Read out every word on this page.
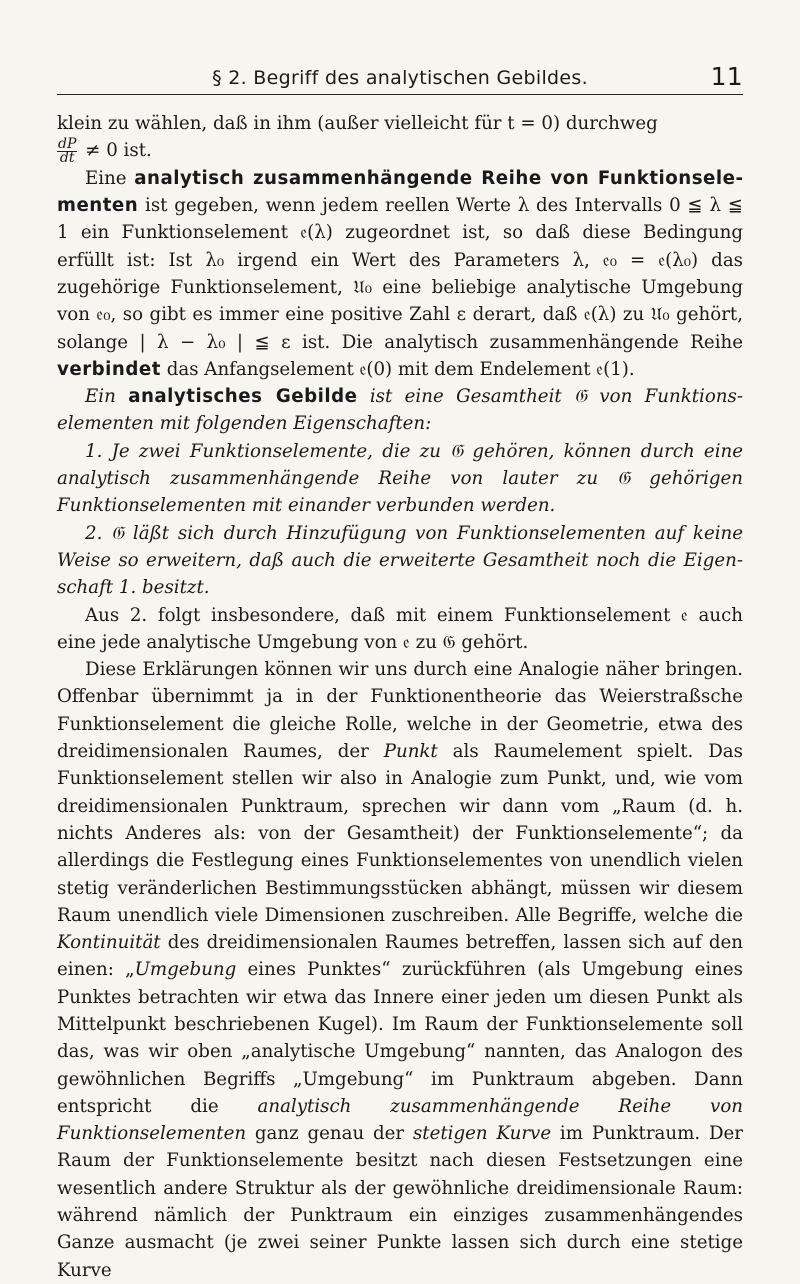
§ 2. Begriff des analytischen Gebildes.	11

klein zu wählen, daß in ihm (außer vielleicht für t = 0) durchweg

$\frac{dP}{dt} \ne 0$ ist.

Eine analytisch zusammenhängende Reihe von Funktionselementen ist gegeben, wenn jedem reellen Werte λ des Intervalls 0 ≦ λ ≦ 1 ein Funktionselement 𝔢(λ) zugeordnet ist, so daß diese Bedingung erfüllt ist: Ist λ₀ irgend ein Wert des Parameters λ, 𝔢₀ = 𝔢(λ₀) das zugehörige Funktionselement, 𝔘₀ eine beliebige analytische Umgebung von 𝔢₀, so gibt es immer eine positive Zahl ε derart, daß 𝔢(λ) zu 𝔘₀ gehört, solange | λ − λ₀ | ≦ ε ist. Die analytisch zusammenhängende Reihe verbindet das Anfangselement 𝔢(0) mit dem Endelement 𝔢(1).

Ein analytisches Gebilde ist eine Gesamtheit 𝔊 von Funktionselementen mit folgenden Eigenschaften:

1. Je zwei Funktionselemente, die zu 𝔊 gehören, können durch eine analytisch zusammenhängende Reihe von lauter zu 𝔊 gehörigen Funktionselementen mit einander verbunden werden.

2. 𝔊 läßt sich durch Hinzufügung von Funktionselementen auf keine Weise so erweitern, daß auch die erweiterte Gesamtheit noch die Eigenschaft 1. besitzt.

Aus 2. folgt insbesondere, daß mit einem Funktionselement 𝔢 auch eine jede analytische Umgebung von 𝔢 zu 𝔊 gehört.

Diese Erklärungen können wir uns durch eine Analogie näher bringen. Offenbar übernimmt ja in der Funktionentheorie das Weierstraßsche Funktionselement die gleiche Rolle, welche in der Geometrie, etwa des dreidimensionalen Raumes, der Punkt als Raumelement spielt. Das Funktionselement stellen wir also in Analogie zum Punkt, und, wie vom dreidimensionalen Punktraum, sprechen wir dann vom „Raum (d. h. nichts Anderes als: von der Gesamtheit) der Funktionselemente“; da allerdings die Festlegung eines Funktionselementes von unendlich vielen stetig veränderlichen Bestimmungsstücken abhängt, müssen wir diesem Raum unendlich viele Dimensionen zuschreiben. Alle Begriffe, welche die Kontinuität des dreidimensionalen Raumes betreffen, lassen sich auf den einen: „Umgebung eines Punktes“ zurückführen (als Umgebung eines Punktes betrachten wir etwa das Innere einer jeden um diesen Punkt als Mittelpunkt beschriebenen Kugel). Im Raum der Funktionselemente soll das, was wir oben „analytische Umgebung“ nannten, das Analogon des gewöhnlichen Begriffs „Umgebung“ im Punktraum abgeben. Dann entspricht die analytisch zusammenhängende Reihe von Funktionselementen ganz genau der stetigen Kurve im Punktraum. Der Raum der Funktionselemente besitzt nach diesen Festsetzungen eine wesentlich andere Struktur als der gewöhnliche dreidimensionale Raum: während nämlich der Punktraum ein einziges zusammenhängendes Ganze ausmacht (je zwei seiner Punkte lassen sich durch eine stetige Kurve
